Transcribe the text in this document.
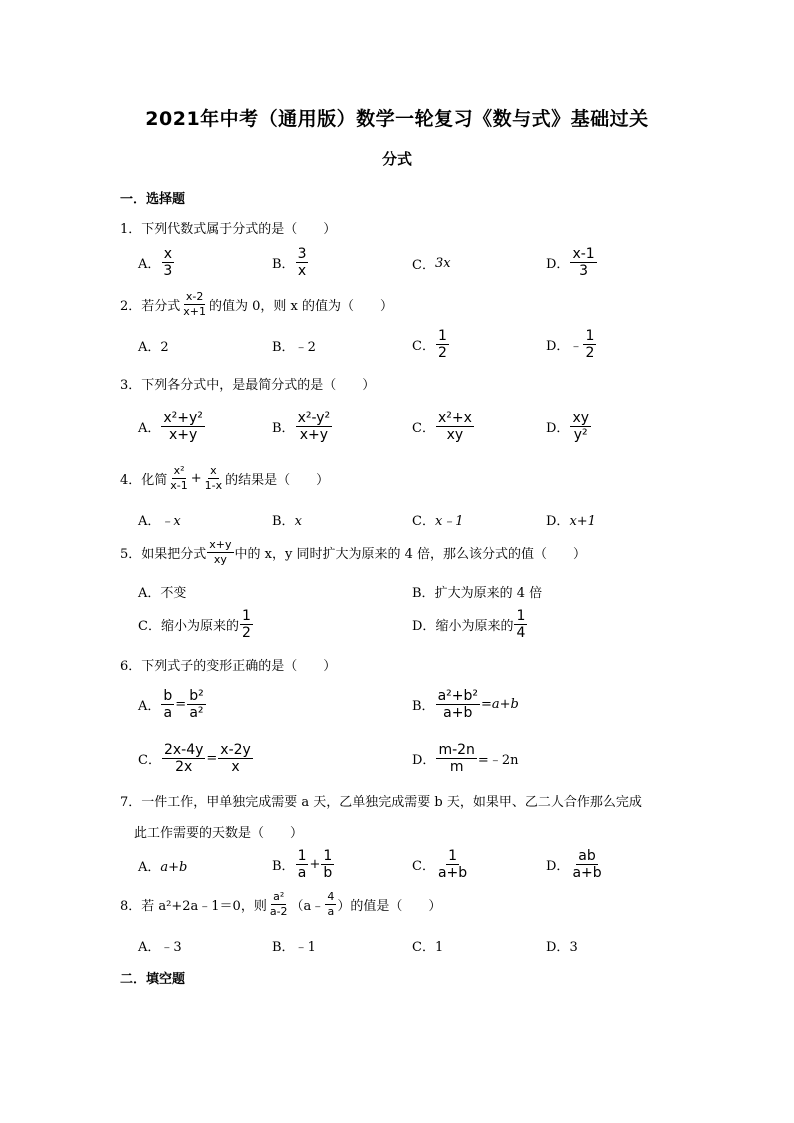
2021年中考（通用版）数学一轮复习《数与式》基础过关
分式
一．选择题
1．下列代数式属于分式的是（　　）
A． $\frac{x}{3}$	B． $\frac{3}{x}$	C． 3x	D． $\frac{x-1}{3}$
2．若分式 $\frac{x-2}{x+1}$ 的值为 0，则 x 的值为（　　）
A．2	B．﹣2	C． $\frac{1}{2}$	D． ﹣ $\frac{1}{2}$
3．下列各分式中，是最简分式的是（　　）
A． $\frac{\text{x²+y²}}{x+y}$	B． $\frac{\text{x²-y²}}{x+y}$	C． $\frac{\text{x²+x}}{xy}$	D． $\frac{xy}{\text{y²}}$
4．化简 $\frac{\text{x²}}{x-1} + \frac{x}{1-x}$ 的结果是（　　）
A．﹣x	B．x	C．x﹣1	D．x+1
5．如果把分式 $\frac{x+y}{xy}$ 中的 x，y 同时扩大为原来的 4 倍，那么该分式的值（　　）
A．不变	B．扩大为原来的 4 倍
C． 缩小为原来的 $\frac{1}{2}$	D． 缩小为原来的 $\frac{1}{4}$
6．下列式子的变形正确的是（　　）
A． $\frac{b}{a} = \frac{\text{b²}}{\text{a²}}$	B． $\frac{\text{a²+b²}}{a+b} =a+b$
C． $\frac{2x-4y}{2x} = \frac{x-2y}{x}$	D． $\frac{m-2n}{m}$ =﹣2n
7．一件工作，甲单独完成需要 a 天，乙单独完成需要 b 天，如果甲、乙二人合作那么完成
此工作需要的天数是（　　）
A．a+b	B． $\frac{1}{a} + \frac{1}{b}$	C． $\frac{1}{a+b}$	D． $\frac{ab}{a+b}$
8．若 a²+2a﹣1＝0，则 $\frac{\text{a²}}{a-2}$ （a﹣ $\frac{4}{a}$ ）的值是（　　）
A．﹣3	B．﹣1	C．1	D．3
二．填空题
